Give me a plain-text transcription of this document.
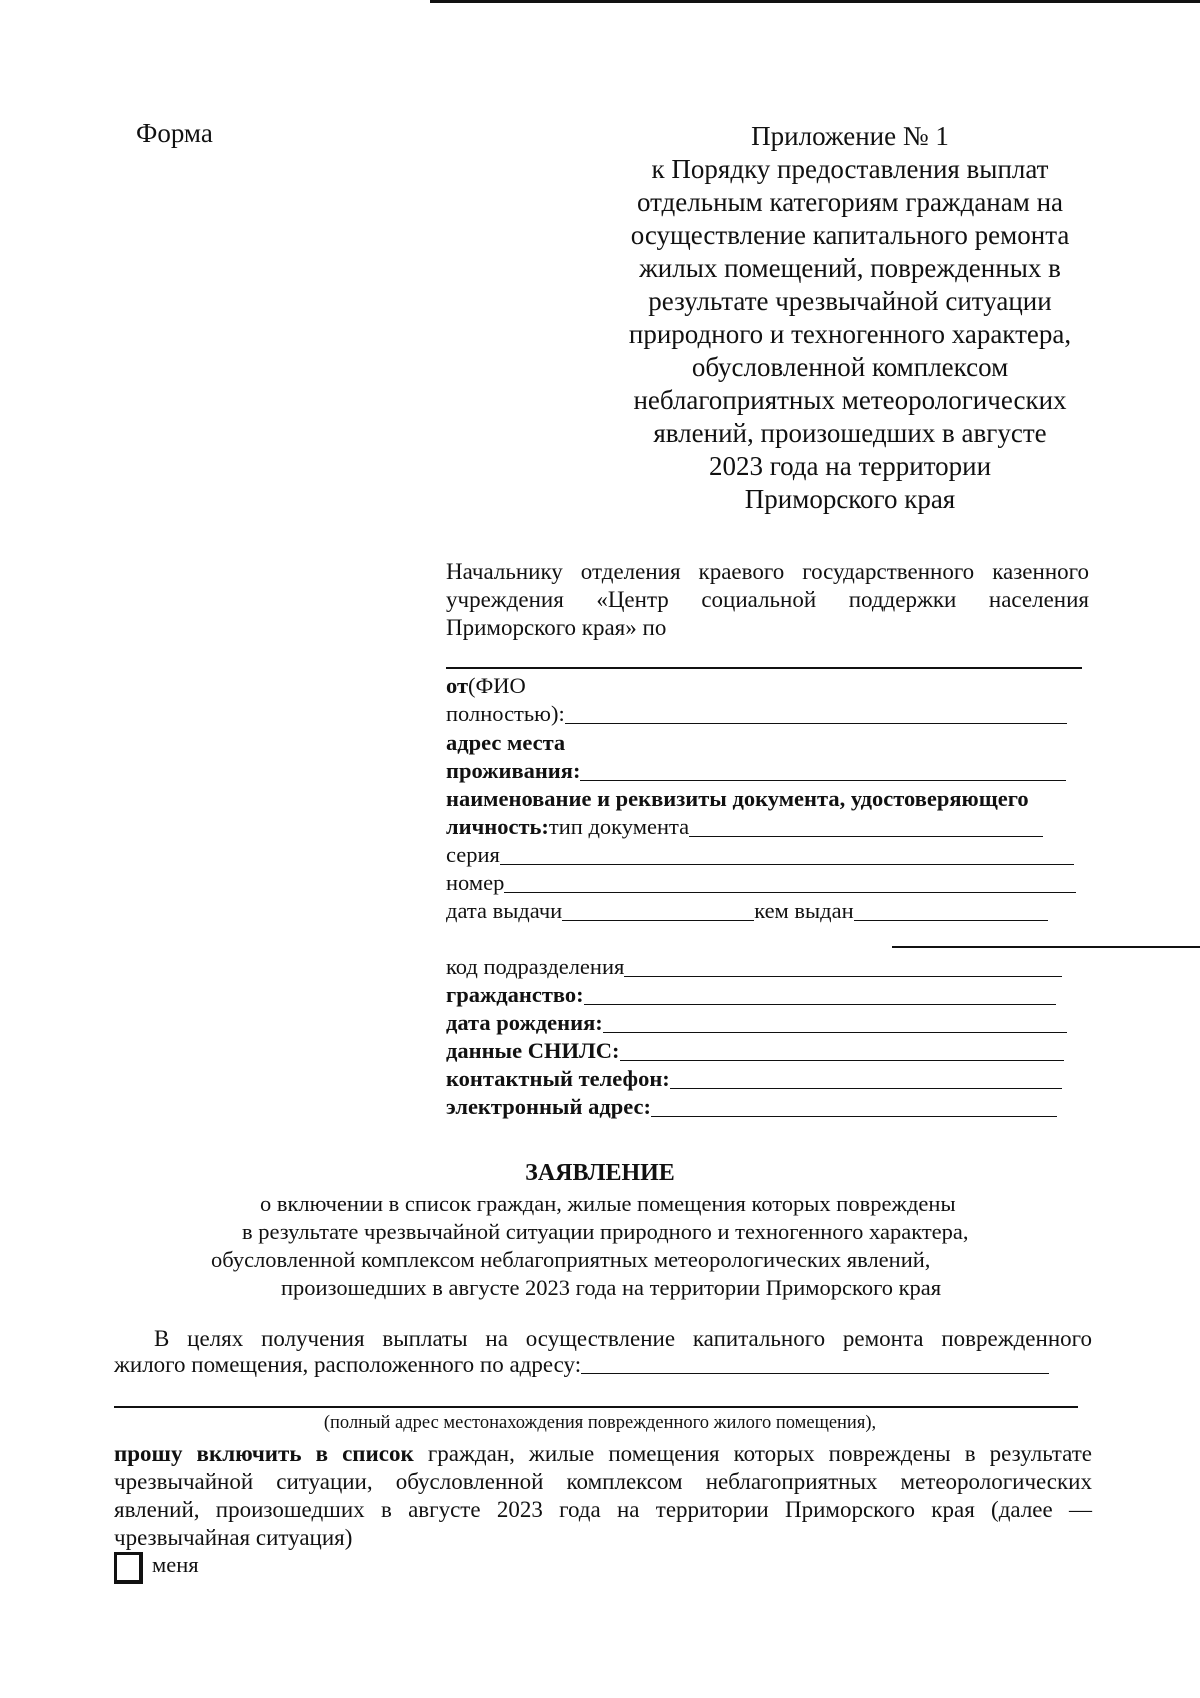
Форма	Приложение № 1
к Порядку предоставления выплат
отдельным категориям гражданам на
осуществление капитального ремонта
жилых помещений, поврежденных в
результате чрезвычайной ситуации
природного и техногенного характера,
обусловленной комплексом
неблагоприятных метеорологических
явлений, произошедших в августе
2023 года на территории
Приморского края
Начальнику отделения краевого государственного казенного
учреждения «Центр социальной поддержки населения
Приморского края» по
от (ФИО
полностью):
адрес места
проживания:
наименование и реквизиты документа, удостоверяющего
личность: тип документа
серия
номер
дата выдачи	кем выдан
код подразделения
гражданство:
дата рождения:
данные СНИЛС:
контактный телефон:
электронный адрес:
ЗАЯВЛЕНИЕ
о включении в список граждан, жилые помещения которых повреждены
в результате чрезвычайной ситуации природного и техногенного характера,
обусловленной комплексом неблагоприятных метеорологических явлений,
произошедших в августе 2023 года на территории Приморского края
В целях получения выплаты на осуществление капитального ремонта поврежденного
жилого помещения, расположенного по адресу:
(полный адрес местонахождения поврежденного жилого помещения),
прошу включить в список граждан, жилые помещения которых повреждены в результате
чрезвычайной ситуации, обусловленной комплексом неблагоприятных метеорологических
явлений, произошедших в августе 2023 года на территории Приморского края (далее —
чрезвычайная ситуация)
меня
